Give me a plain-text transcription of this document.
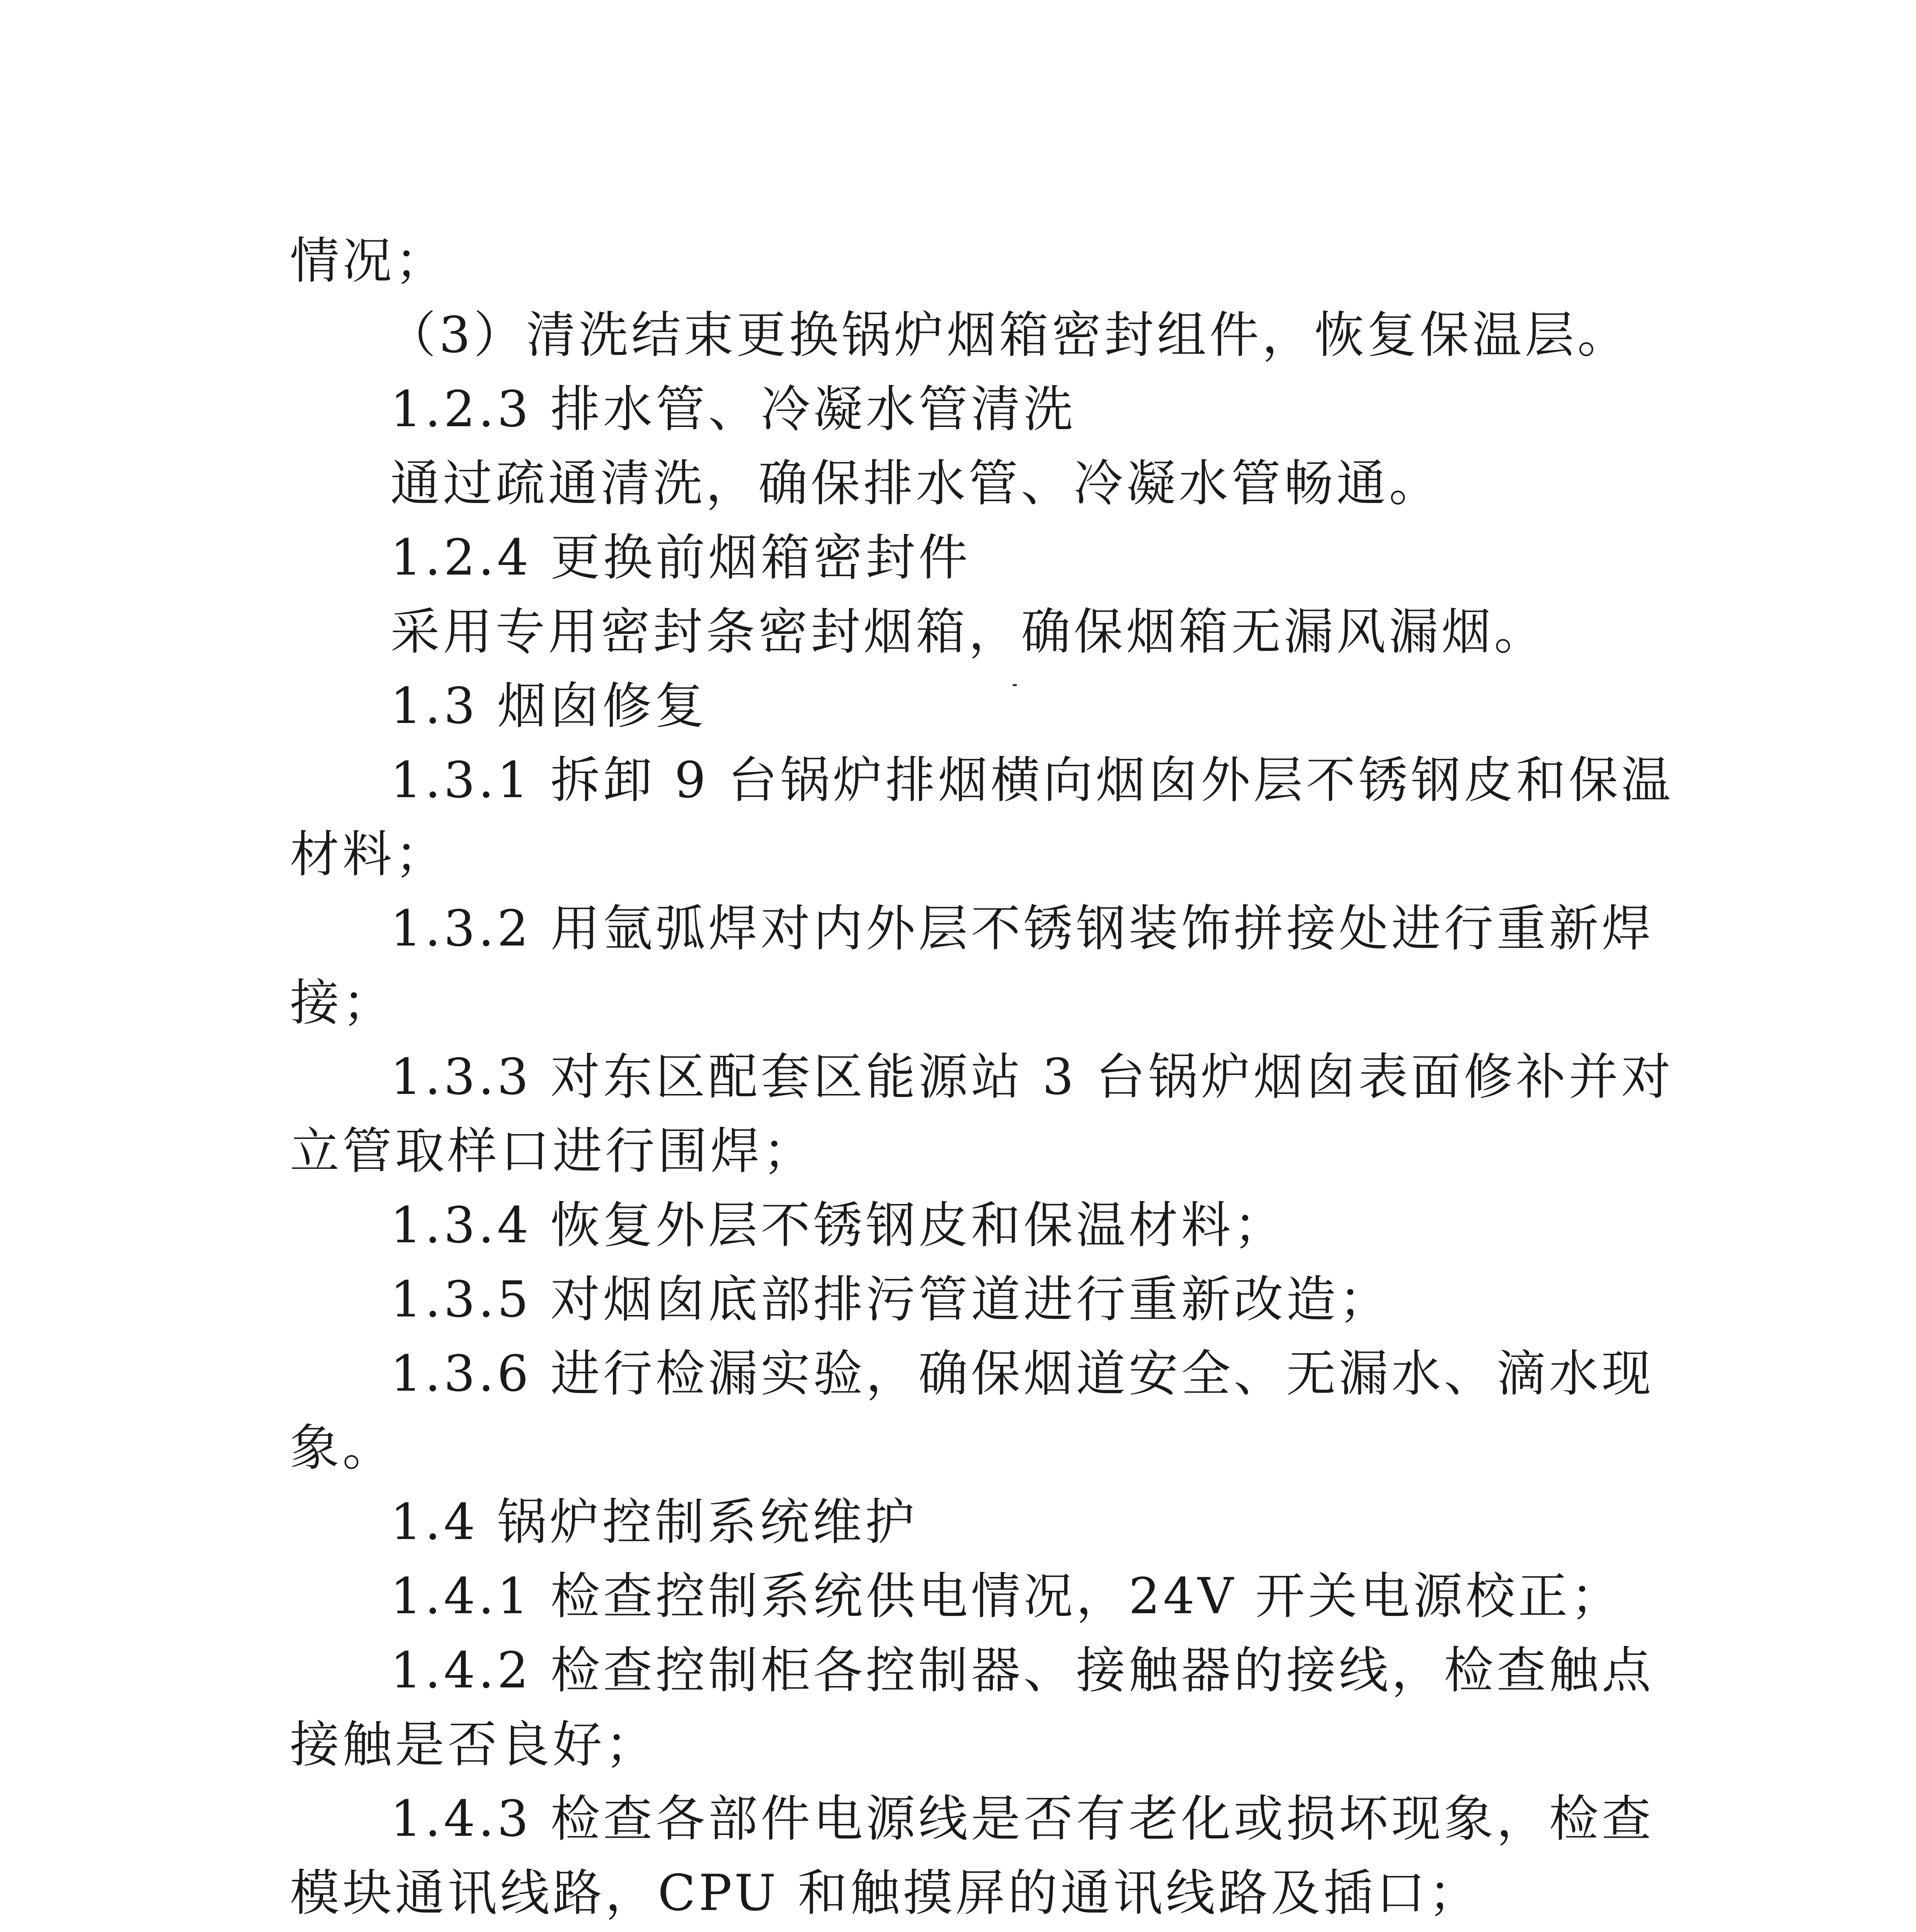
情况；
（3）清洗结束更换锅炉烟箱密封组件，恢复保温层。
1.2.3 排水管、冷凝水管清洗
通过疏通清洗，确保排水管、冷凝水管畅通。
1.2.4 更换前烟箱密封件
采用专用密封条密封烟箱，确保烟箱无漏风漏烟。
1.3 烟囱修复
1.3.1 拆卸 9 台锅炉排烟横向烟囱外层不锈钢皮和保温
材料；
1.3.2 用氩弧焊对内外层不锈钢装饰拼接处进行重新焊
接；
1.3.3 对东区配套区能源站 3 台锅炉烟囱表面修补并对
立管取样口进行围焊；
1.3.4 恢复外层不锈钢皮和保温材料；
1.3.5 对烟囱底部排污管道进行重新改造；
1.3.6 进行检漏实验，确保烟道安全、无漏水、滴水现
象。
1.4 锅炉控制系统维护
1.4.1 检查控制系统供电情况，24V 开关电源校正；
1.4.2 检查控制柜各控制器、接触器的接线，检查触点
接触是否良好；
1.4.3 检查各部件电源线是否有老化或损坏现象，检查
模块通讯线路，CPU 和触摸屏的通讯线路及插口；
